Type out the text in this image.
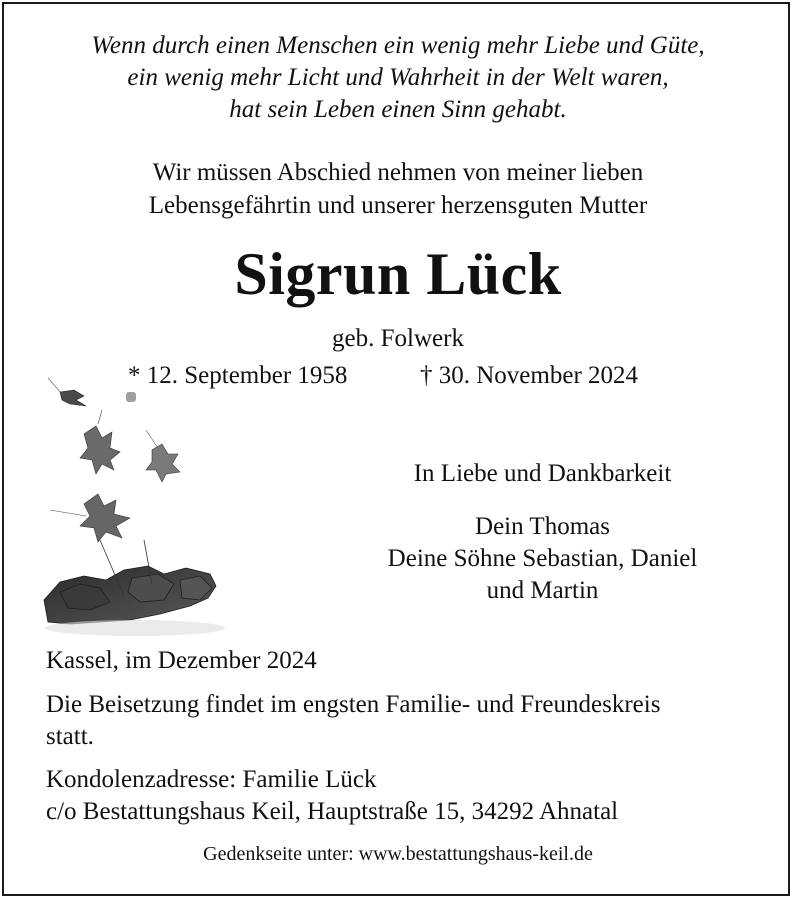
Wenn durch einen Menschen ein wenig mehr Liebe und Güte,
ein wenig mehr Licht und Wahrheit in der Welt waren,
hat sein Leben einen Sinn gehabt.
Wir müssen Abschied nehmen von meiner lieben
Lebensgefährtin und unserer herzensguten Mutter
Sigrun Lück
geb. Folwerk
* 12. September 1958	† 30. November 2024
In Liebe und Dankbarkeit
Dein Thomas
Deine Söhne Sebastian, Daniel
und Martin
Kassel, im Dezember 2024
Die Beisetzung findet im engsten Familie- und Freundeskreis
statt.
Kondolenzadresse: Familie Lück
c/o Bestattungshaus Keil, Hauptstraße 15, 34292 Ahnatal
Gedenkseite unter: www.bestattungshaus-keil.de
